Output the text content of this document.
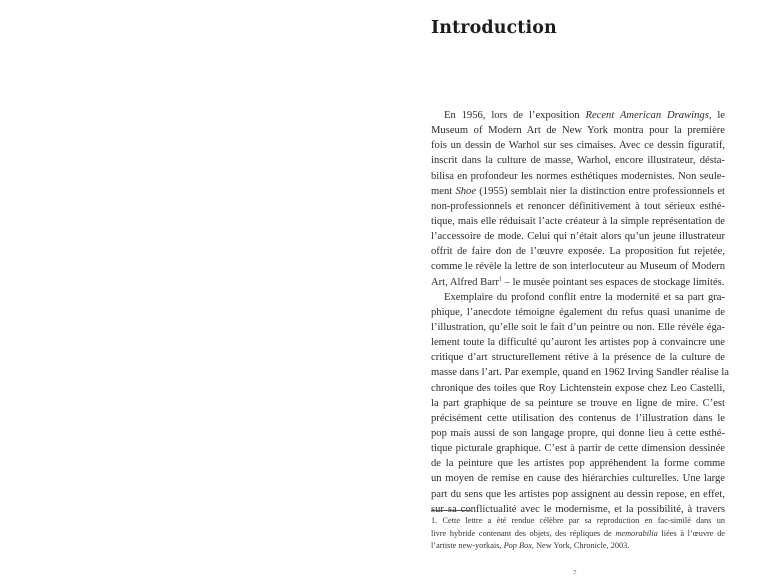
Introduction
En 1956, lors de l’exposition Recent American Drawings, le
Museum of Modern Art de New York montra pour la première
fois un dessin de Warhol sur ses cimaises. Avec ce dessin figuratif,
inscrit dans la culture de masse, Warhol, encore illustrateur, désta-
bilisa en profondeur les normes esthétiques modernistes. Non seule-
ment Shoe (1955) semblait nier la distinction entre professionnels et
non-professionnels et renoncer définitivement à tout sérieux esthé-
tique, mais elle réduisait l’acte créateur à la simple représentation de
l’accessoire de mode. Celui qui n’était alors qu’un jeune illustrateur
offrit de faire don de l’œuvre exposée. La proposition fut rejetée,
comme le révèle la lettre de son interlocuteur au Museum of Modern
Art, Alfred Barr$^1$ – le musée pointant ses espaces de stockage limités.
Exemplaire du profond conflit entre la modernité et sa part gra-
phique, l’anecdote témoigne également du refus quasi unanime de
l’illustration, qu’elle soit le fait d’un peintre ou non. Elle révèle éga-
lement toute la difficulté qu’auront les artistes pop à convaincre une
critique d’art structurellement rétive à la présence de la culture de
masse dans l’art. Par exemple, quand en 1962 Irving Sandler réalise la
chronique des toiles que Roy Lichtenstein expose chez Leo Castelli,
la part graphique de sa peinture se trouve en ligne de mire. C’est
précisément cette utilisation des contenus de l’illustration dans le
pop mais aussi de son langage propre, qui donne lieu à cette esthé-
tique picturale graphique. C’est à partir de cette dimension dessinée
de la peinture que les artistes pop appréhendent la forme comme
un moyen de remise en cause des hiérarchies culturelles. Une large
part du sens que les artistes pop assignent au dessin repose, en effet,
sur sa conflictualité avec le modernisme, et la possibilité, à travers
1. Cette lettre a été rendue célèbre par sa reproduction en fac-similé dans un
livre hybride contenant des objets, des répliques de memorabilia liées à l’œuvre de
l’artiste new-yorkais, Pop Box, New York, Chronicle, 2003.
7
